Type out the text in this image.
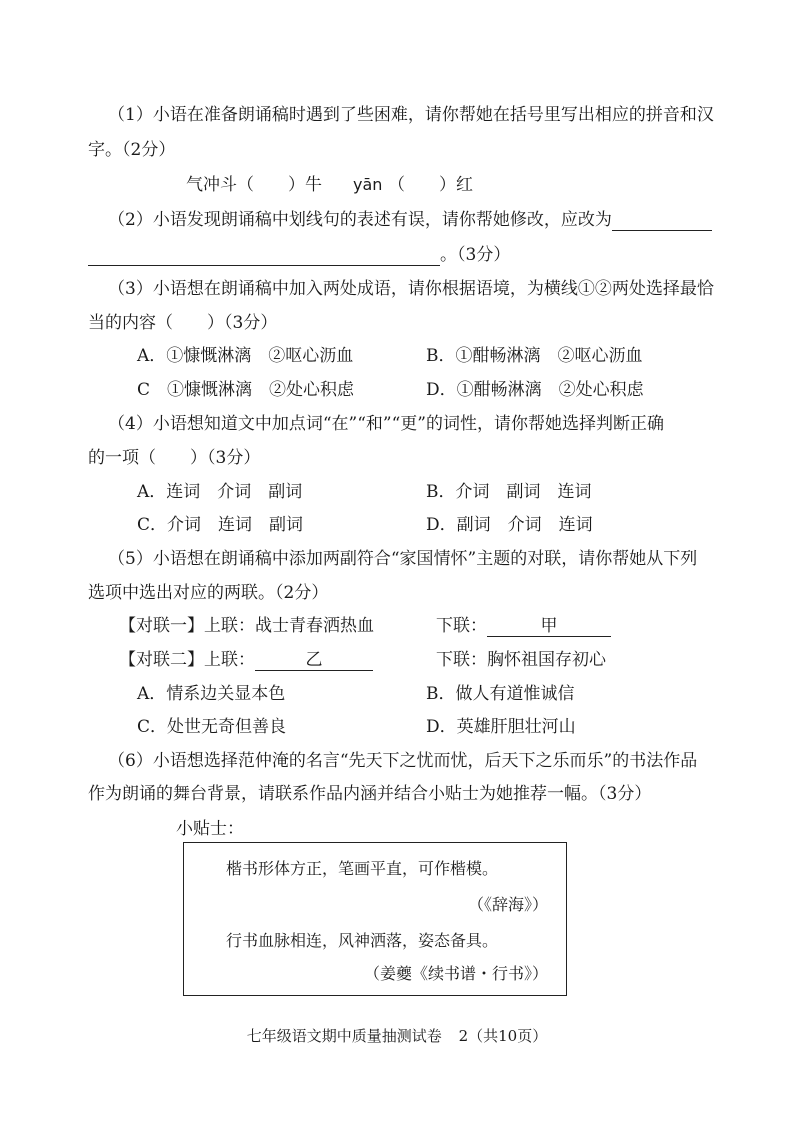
（1）小语在准备朗诵稿时遇到了些困难，请你帮她在括号里写出相应的拼音和汉
字。（2分）
气冲斗（　　）牛 yān （　　）红
（2）小语发现朗诵稿中划线句的表述有误，请你帮她修改，应改为
。（3分）
（3）小语想在朗诵稿中加入两处成语，请你根据语境，为横线①②两处选择最恰
当的内容（　　）（3分）
A．①慷慨淋漓　②呕心沥血	B．①酣畅淋漓　②呕心沥血
C　①慷慨淋漓　②处心积虑	D．①酣畅淋漓　②处心积虑
（4）小语想知道文中加点词“在”“和”“更”的词性，请你帮她选择判断正确
的一项（　　）（3分）
A．连词　介词　副词	B．介词　副词　连词
C．介词　连词　副词	D．副词　介词　连词
（5）小语想在朗诵稿中添加两副符合“家国情怀”主题的对联，请你帮她从下列
选项中选出对应的两联。（2分）
【对联一】上联：战士青春洒热血	下联：	甲
【对联二】上联：	乙	下联：胸怀祖国存初心
A．情系边关显本色	B．做人有道惟诚信
C．处世无奇但善良	D．英雄肝胆壮河山
（6）小语想选择范仲淹的名言“先天下之忧而忧，后天下之乐而乐”的书法作品
作为朗诵的舞台背景，请联系作品内涵并结合小贴士为她推荐一幅。（3分）
小贴士：
楷书形体方正，笔画平直，可作楷模。
（《辞海》）
行书血脉相连，风神洒落，姿态备具。
（姜夔《续书谱・行书》）
七年级语文期中质量抽测试卷 2（共10页）
